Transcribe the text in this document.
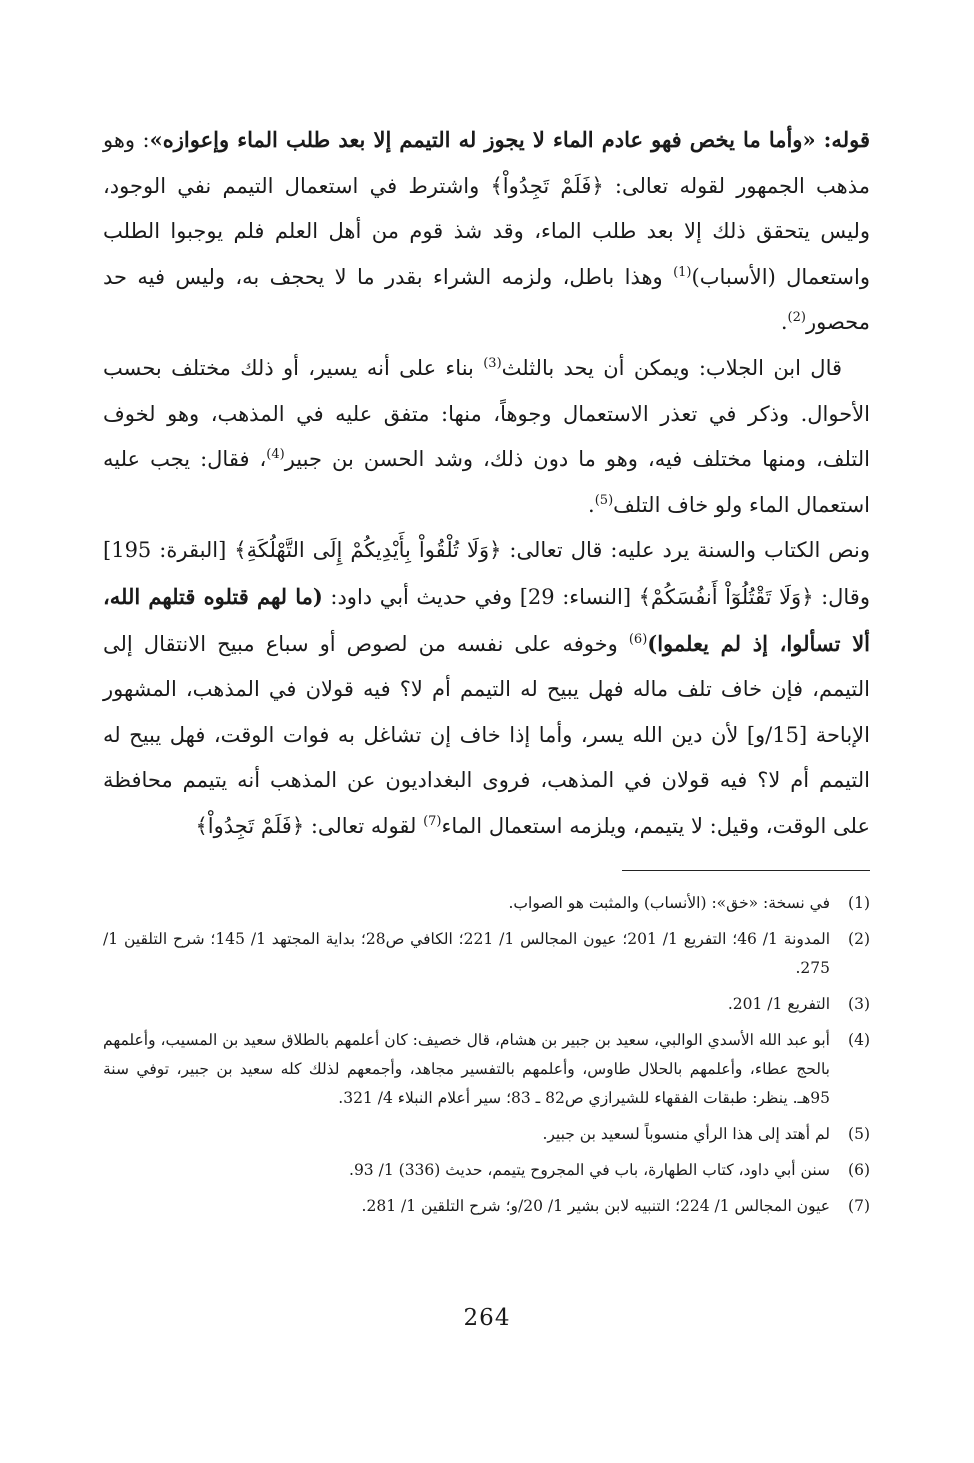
قوله: «وأما ما يخص فهو عادم الماء لا يجوز له التيمم إلا بعد طلب الماء وإعوازه»: وهو مذهب الجمهور لقوله تعالى: ﴿فَلَمْ تَجِدُواْ﴾ واشترط في استعمال التيمم نفي الوجود، وليس يتحقق ذلك إلا بعد طلب الماء، وقد شذ قوم من أهل العلم فلم يوجبوا الطلب واستعمال (الأسباب)$^{(1)}$ وهذا باطل، ولزمه الشراء بقدر ما لا يحجف به، وليس فيه حد محصور$^{(2)}$.

قال ابن الجلاب: ويمكن أن يحد بالثلث$^{(3)}$ بناء على أنه يسير، أو ذلك مختلف بحسب الأحوال. وذكر في تعذر الاستعمال وجوهاً، منها: متفق عليه في المذهب، وهو لخوف التلف، ومنها مختلف فيه، وهو ما دون ذلك، وشد الحسن بن جبير$^{(4)}$، فقال: يجب عليه استعمال الماء ولو خاف التلف$^{(5)}$.

ونص الكتاب والسنة يرد عليه: قال تعالى: ﴿وَلَا تُلْقُواْ بِأَيْدِيكُمْ إِلَى التَّهْلُكَةِ﴾ [البقرة: 195] وقال: ﴿وَلَا تَقْتُلُوٓاْ أَنفُسَكُمْ﴾ [النساء: 29] وفي حديث أبي داود: (ما لهم قتلوه قتلهم الله، ألا تسألوا، إذ لم يعلموا)$^{(6)}$ وخوفه على نفسه من لصوص أو سباع مبيح الانتقال إلى التيمم، فإن خاف تلف ماله فهل يبيح له التيمم أم لا؟ فيه قولان في المذهب، المشهور الإباحة [15/و] لأن دين الله يسر، وأما إذا خاف إن تشاغل به فوات الوقت، فهل يبيح له التيمم أم لا؟ فيه قولان في المذهب، فروى البغداديون عن المذهب أنه يتيمم محافظة على الوقت، وقيل: لا يتيمم، ويلزمه استعمال الماء$^{(7)}$ لقوله تعالى: ﴿فَلَمْ تَجِدُواْ﴾

(1)
في نسخة: «خق»: (الأنساب) والمثبت هو الصواب.
(2)
المدونة 1/ 46؛ التفريع 1/ 201؛ عيون المجالس 1/ 221؛ الكافي ص28؛ بداية المجتهد 1/ 145؛ شرح التلقين 1/ 275.
(3)
التفريع 1/ 201.
(4)
أبو عبد الله الأسدي الوالبي، سعيد بن جبير بن هشام، قال خصيف: كان أعلمهم بالطلاق سعيد بن المسيب، وأعلمهم بالحج عطاء، وأعلمهم بالحلال طاوس، وأعلمهم بالتفسير مجاهد، وأجمعهم لذلك كله سعيد بن جبير، توفي سنة 95هـ. ينظر: طبقات الفقهاء للشيرازي ص82 ـ 83؛ سير أعلام النبلاء 4/ 321.
(5)
لم أهتد إلى هذا الرأي منسوباً لسعيد بن جبير.
(6)
سنن أبي داود، كتاب الطهارة، باب في المجروح يتيمم، حديث (336) 1/ 93.
(7)
عيون المجالس 1/ 224؛ التنبيه لابن بشير 1/ 20/و؛ شرح التلقين 1/ 281.
264
